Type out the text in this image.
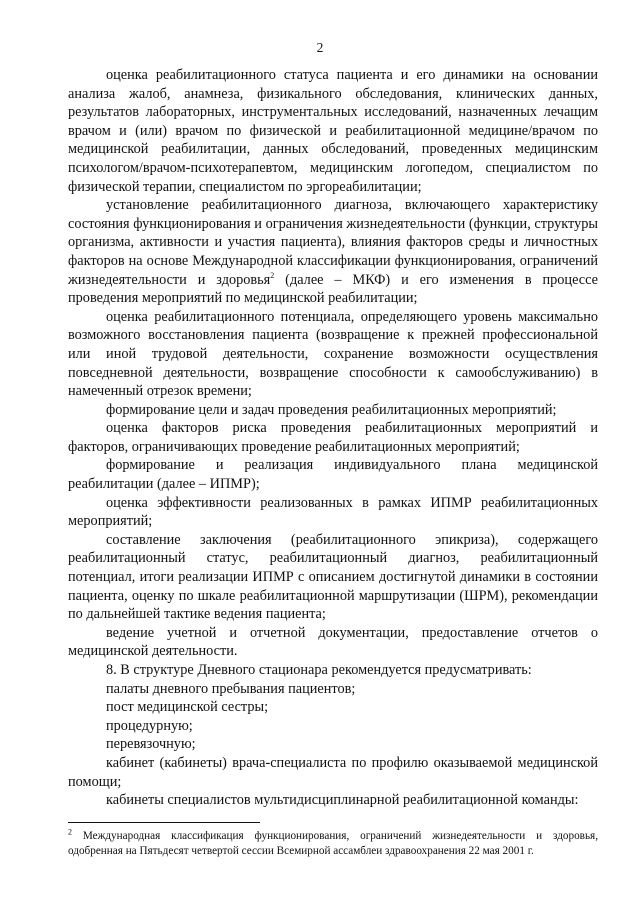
2

оценка реабилитационного статуса пациента и его динамики на основании анализа жалоб, анамнеза, физикального обследования, клинических данных, результатов лабораторных, инструментальных исследований, назначенных лечащим врачом и (или) врачом по физической и реабилитационной медицине/врачом по медицинской реабилитации, данных обследований, проведенных медицинским психологом/врачом-психотерапевтом, медицинским логопедом, специалистом по физической терапии, специалистом по эргореабилитации;

установление реабилитационного диагноза, включающего характеристику состояния функционирования и ограничения жизнедеятельности (функции, структуры организма, активности и участия пациента), влияния факторов среды и личностных факторов на основе Международной классификации функционирования, ограничений жизнедеятельности и здоровья$^2$ (далее – МКФ) и его изменения в процессе проведения мероприятий по медицинской реабилитации;

оценка реабилитационного потенциала, определяющего уровень максимально возможного восстановления пациента (возвращение к прежней профессиональной или иной трудовой деятельности, сохранение возможности осуществления повседневной деятельности, возвращение способности к самообслуживанию) в намеченный отрезок времени;

формирование цели и задач проведения реабилитационных мероприятий;

оценка факторов риска проведения реабилитационных мероприятий и факторов, ограничивающих проведение реабилитационных мероприятий;

формирование и реализация индивидуального плана медицинской реабилитации (далее – ИПМР);

оценка эффективности реализованных в рамках ИПМР реабилитационных мероприятий;

составление заключения (реабилитационного эпикриза), содержащего реабилитационный статус, реабилитационный диагноз, реабилитационный потенциал, итоги реализации ИПМР с описанием достигнутой динамики в состоянии пациента, оценку по шкале реабилитационной маршрутизации (ШРМ), рекомендации по дальнейшей тактике ведения пациента;

ведение учетной и отчетной документации, предоставление отчетов о медицинской деятельности.

8. В структуре Дневного стационара рекомендуется предусматривать:

палаты дневного пребывания пациентов;

пост медицинской сестры;

процедурную;

перевязочную;

кабинет (кабинеты) врача-специалиста по профилю оказываемой медицинской помощи;

кабинеты специалистов мультидисциплинарной реабилитационной команды:

$^2$ Международная классификация функционирования, ограничений жизнедеятельности и здоровья, одобренная на Пятьдесят четвертой сессии Всемирной ассамблеи здравоохранения 22 мая 2001 г.
